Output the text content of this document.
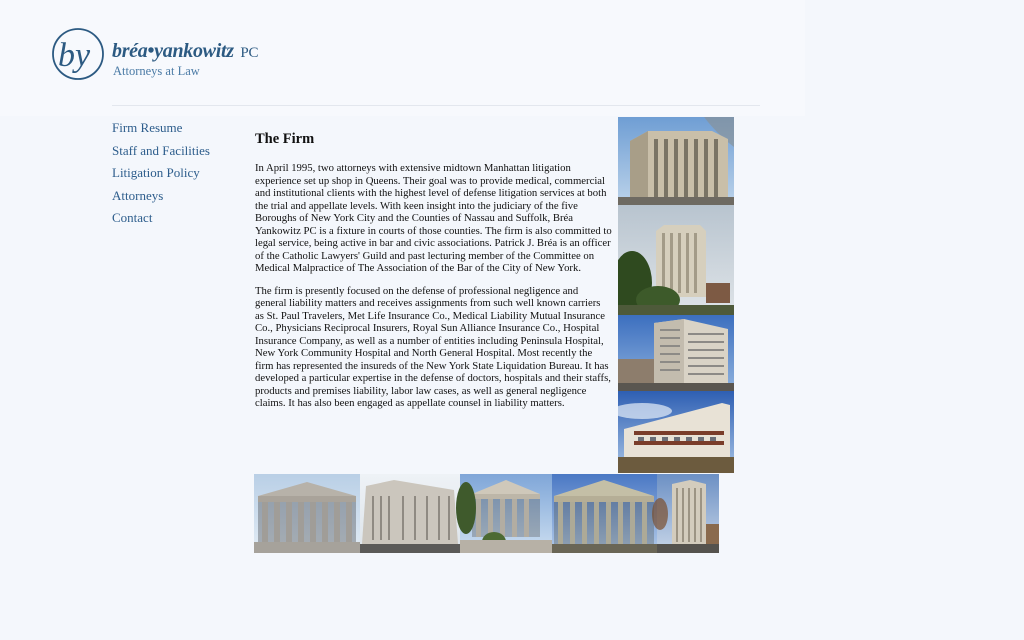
by bréa•yankowitz PC
Attorneys at Law
Firm Resume
Staff and Facilities
Litigation Policy
Attorneys
Contact
The Firm

In April 1995, two attorneys with extensive midtown Manhattan litigation experience set up shop in Queens. Their goal was to provide medical, commercial and institutional clients with the highest level of defense litigation services at both the trial and appellate levels. With keen insight into the judiciary of the five Boroughs of New York City and the Counties of Nassau and Suffolk, Bréa Yankowitz PC is a fixture in courts of those counties. The firm is also committed to legal service, being active in bar and civic associations. Patrick J. Bréa is an officer of the Catholic Lawyers' Guild and past lecturing member of the Committee on Medical Malpractice of The Association of the Bar of the City of New York.

The firm is presently focused on the defense of professional negligence and general liability matters and receives assignments from such well known carriers as St. Paul Travelers, Met Life Insurance Co., Medical Liability Mutual Insurance Co., Physicians Reciprocal Insurers, Royal Sun Alliance Insurance Co., Hospital Insurance Company, as well as a number of entities including Peninsula Hospital, New York Community Hospital and North General Hospital. Most recently the firm has represented the insureds of the New York State Liquidation Bureau. It has developed a particular expertise in the defense of doctors, hospitals and their staffs, products and premises liability, labor law cases, as well as general negligence claims. It has also been engaged as appellate counsel in liability matters.
